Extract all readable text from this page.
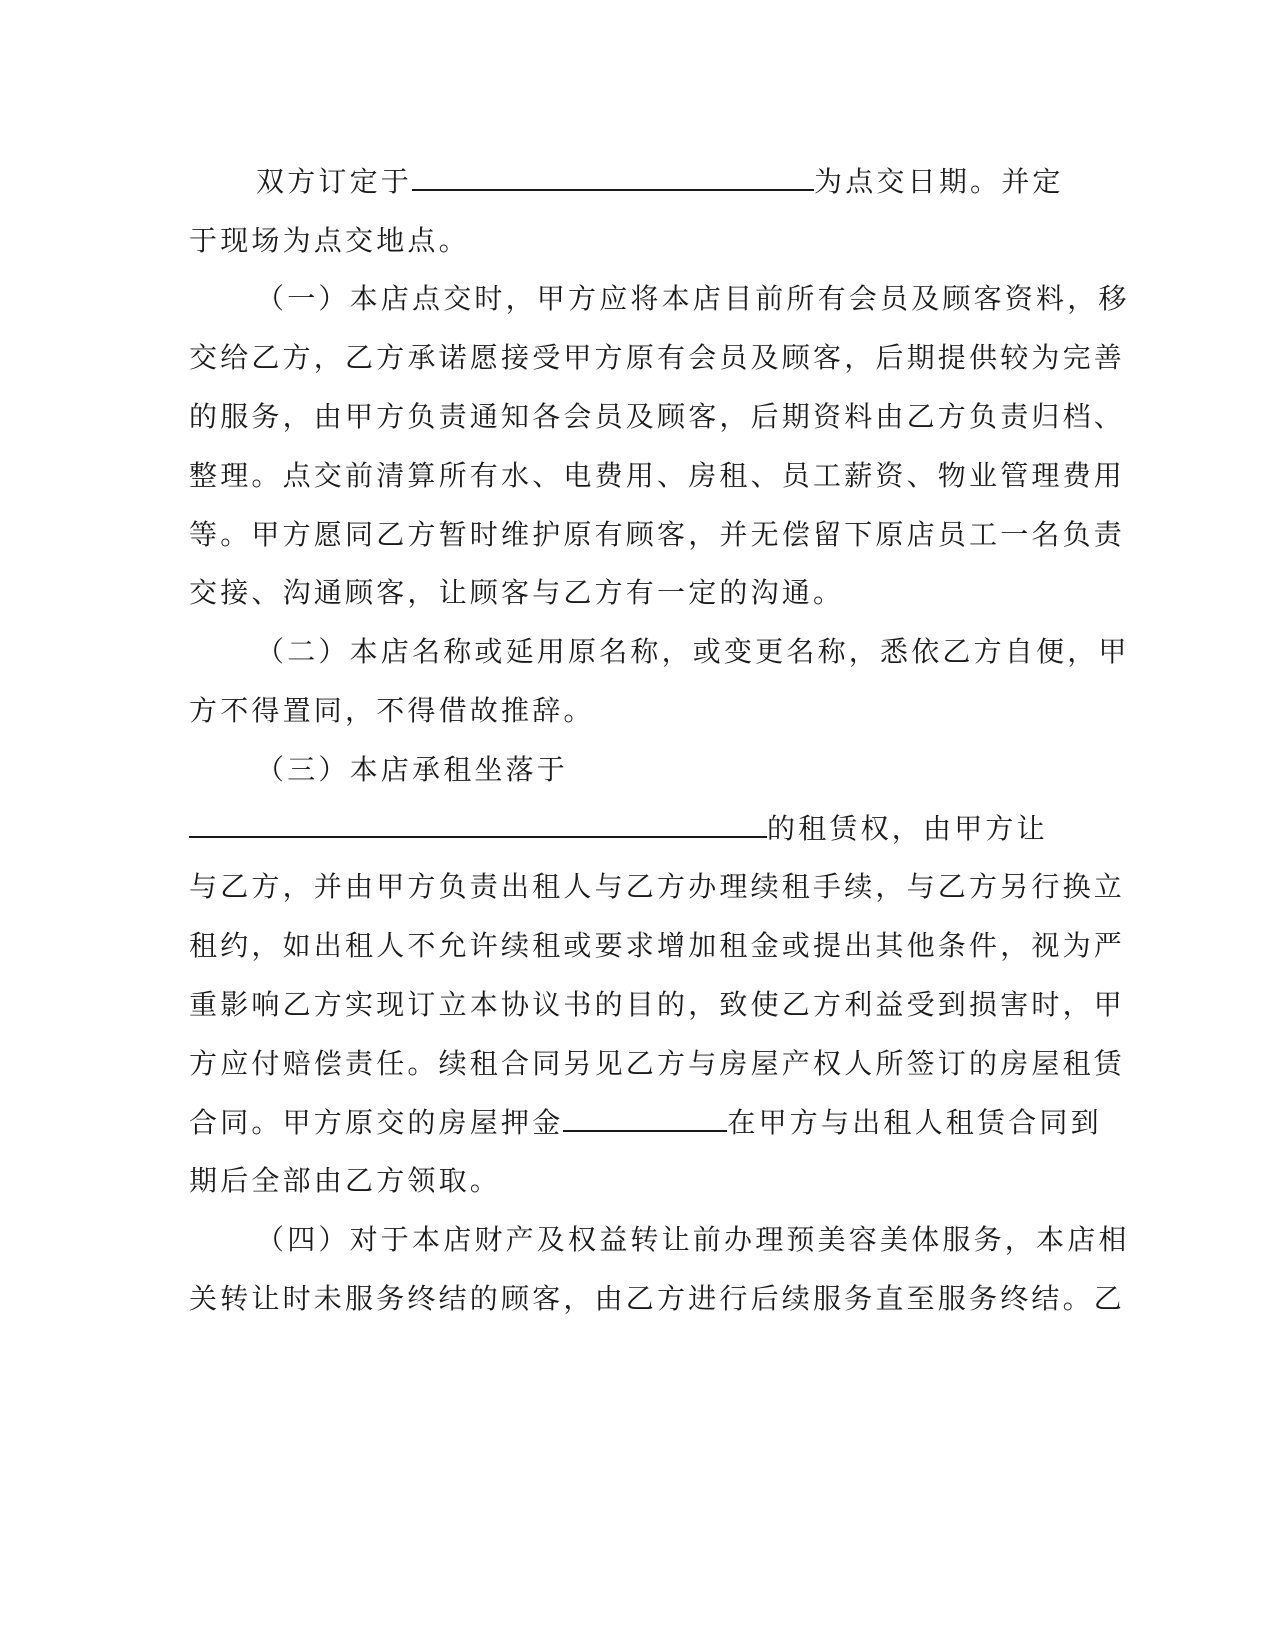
双方订定于	为点交日期。并定
于现场为点交地点。
（一）本店点交时，甲方应将本店目前所有会员及顾客资料，移
交给乙方，乙方承诺愿接受甲方原有会员及顾客，后期提供较为完善
的服务，由甲方负责通知各会员及顾客，后期资料由乙方负责归档、
整理。点交前清算所有水、电费用、房租、员工薪资、物业管理费用
等。甲方愿同乙方暂时维护原有顾客，并无偿留下原店员工一名负责
交接、沟通顾客，让顾客与乙方有一定的沟通。
（二）本店名称或延用原名称，或变更名称，悉依乙方自便，甲
方不得置同，不得借故推辞。
（三）本店承租坐落于
的租赁权，由甲方让
与乙方，并由甲方负责出租人与乙方办理续租手续，与乙方另行换立
租约，如出租人不允许续租或要求增加租金或提出其他条件，视为严
重影响乙方实现订立本协议书的目的，致使乙方利益受到损害时，甲
方应付赔偿责任。续租合同另见乙方与房屋产权人所签订的房屋租赁
合同。甲方原交的房屋押金	在甲方与出租人租赁合同到
期后全部由乙方领取。
（四）对于本店财产及权益转让前办理预美容美体服务，本店相
关转让时未服务终结的顾客，由乙方进行后续服务直至服务终结。乙
